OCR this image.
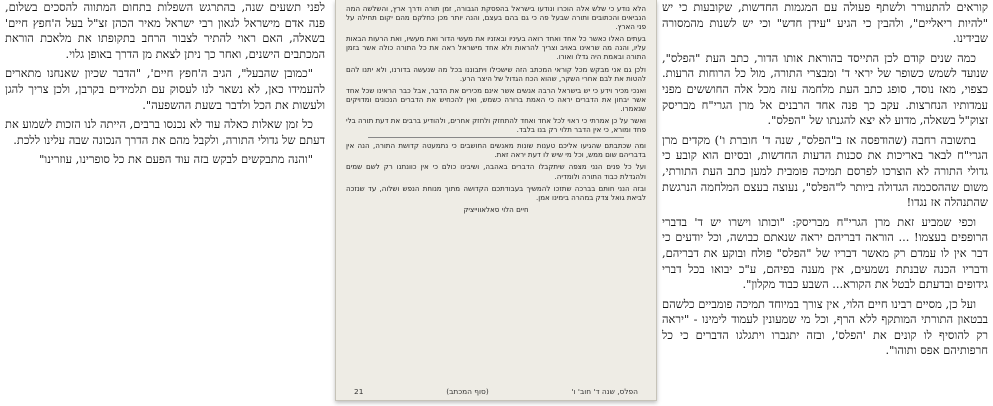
קוראים להתעורר ולשתף פעולה עם המגמות החדשות, שקובעות כי יש "להיות ריאליים", ולהבין כי הגיע "עידן חדש" וכי יש לשנות מהמסורה שבידינו.

כמה שנים קודם לכן התייסד בהוראת אותו הדור, כתב העת "הפלס", שנועד לשמש כשופר של יראי ד' ומבצרי התורה, מול כל הרוחות הרעות. כצפוי, מאז נוסד, סופג כתב העת מלחמה עזה מכל אלה החוששים מפני עמדותיו הנחרצות. עקב כך פנה אחד הרבנים אל מרן הגרי"ח מבריסק זצוק"ל בשאלה, מדוע לא יצא להגנתו של "הפלס".

בתשובה רחבה (שהודפסה אז ב"הפלס", שנה ד' חוברת ו') מקדים מרן הגרי"ח לבאר באריכות את סכנות הדעות החדשות, ובסיום הוא קובע כי גדולי התורה לא הוצרכו לפרסם תמיכה פומבית למען כתב העת התורתי, משום שההסכמה הגדולה ביותר ל"הפלס", נעוצה בעצם המלחמה הנרגשת שהתנהלה אז נגדו!

וכפי שמביע זאת מרן הגרי"ח מבריסק: "וכותו וישרו יש ד' בדברי הרופפים בעצמו! ... הוראה דבריהם יראה שנאתם כבושה, וכל יודעים כי דבר אין לו עמדם רק מאשר דבריו של "הפלס" פולח ובוקע את דבריהם, ודבריו הכנה שבנתת נשמעים, אין מענה בפיהם, ע"כ יבואו בכל דברי גידופים ובדעתם לבטל את הקורא... השבע כבוד מקלון".

ועל כן, מסיים רבינו חיים הלוי, אין צורך במיוחד תמיכה פומביים כלשהם בבטאון התורתי המותקף ללא הרף, וכל מי שמעונין לעמוד לימינו - "יראה רק להוסיף לו קונים את 'הפלס', ובזה יתגברו ויתגלגו הדברים כי כל חרפותיהם אפס ותוהו".

הלא נודע כי שלש אלה הוכרו ונודעו בישראל בהפסקת הגבורה, זמן תורה ודרך ארץ, והשלשה המה הנביאים והכתובים ותורה שבעל פה כי גם בהם בעצם, והנה יותר מכן כחלקם מהם יקום תחילה על פני הארץ.

בעתים האלו כאשר כל אחד ואחד רואה בעיניו ובאזניו את מעשי הדור ואת מעשיו, ואת הרעות הבאות עליו, והנה מה שראינו באויב וצריך להראות ולא אחד מישראל ראה את כל התורה כולה אשר בזמן התורה ובאמת היה גדלו ואורו.

ולכן גם אני מבקש מכל קוראי המכתב הזה שישכילו ויתבוננו בכל מה שנעשה בדורנו, ולא יתנו להם להטות את לבם אחרי השקר, שהוא הכח הגדול של היצר הרע.

ואנכי מכיר וידע כי יש בישראל הרבה אנשים אשר אינם מכירים את הדבר, אבל כבר הראינו שכל אחד אשר יבחון את הדברים יראה כי האמת ברורה כשמש, ואין להכחיש את הדברים הנכונים ומדויקים שנאמרו.

ואשר על כן אמרתי כי ראוי לכל אחד ואחד להתחזק ולחזק אחרים, ולהודיע ברבים את דעת תורה בלי פחד ומורא, כי אין הדבר תלוי רק בנו בלבד.

ומה שכתבתם שהגיעו אליכם טענות שונות מאנשים החושבים כי נתמעטה קדושת התורה, הנה אין בדבריהם שום ממש, וכל מי שיש לו דעת יראה זאת.

ועל כל פנים הנני מצפה שיתקבלו הדברים באהבה, ושיבינו כולם כי אין כוונתנו רק לשם שמים ולהגדלת כבוד התורה ולומדיה.

ובזה הנני חותם בברכה שתזכו להמשיך בעבודתכם הקדושה מתוך מנוחת הנפש ושלוה, עד שנזכה לביאת גואל צדק במהרה בימינו אמן.

חיים הלוי סאלאווייציק
הפלס, שנה ד' חוב' ו'
(סוף המכתב)
21

לפני תשעים שנה, בהתרגש השפלות בתחום המתווה להסכים בשלום, פנה אדם מישראל לגאון רבי ישראל מאיר הכהן זצ"ל בעל ה'חפץ חיים' בשאלה, האם ראוי להתיר לצבור הרחב בתקופתו את מלאכת הוראת המכתבים הישנים, ואחר כך ניתן לצאת מן הדרך באופן גלוי.

"כמובן שהבעל", הגיב ה'חפץ חיים', "הדבר שכיון שאנחנו מתארים להעמידו כאן, לא נשאר לנו לעסוק עם תלמידים בקרבן, ולכן צריך להגן ולעשות את הכל ולדבר בשעת ההשפעה".

כל זמן שאלות כאלה עוד לא נכנסו ברבים, הייתה לנו הזכות לשמוע את דעתם של גדולי התורה, ולקבל מהם את הדרך הנכונה שבה עלינו ללכת.

"והנה מתבקשים לבקש בזה עוד הפעם את כל סופרינו, עוזרינו"
